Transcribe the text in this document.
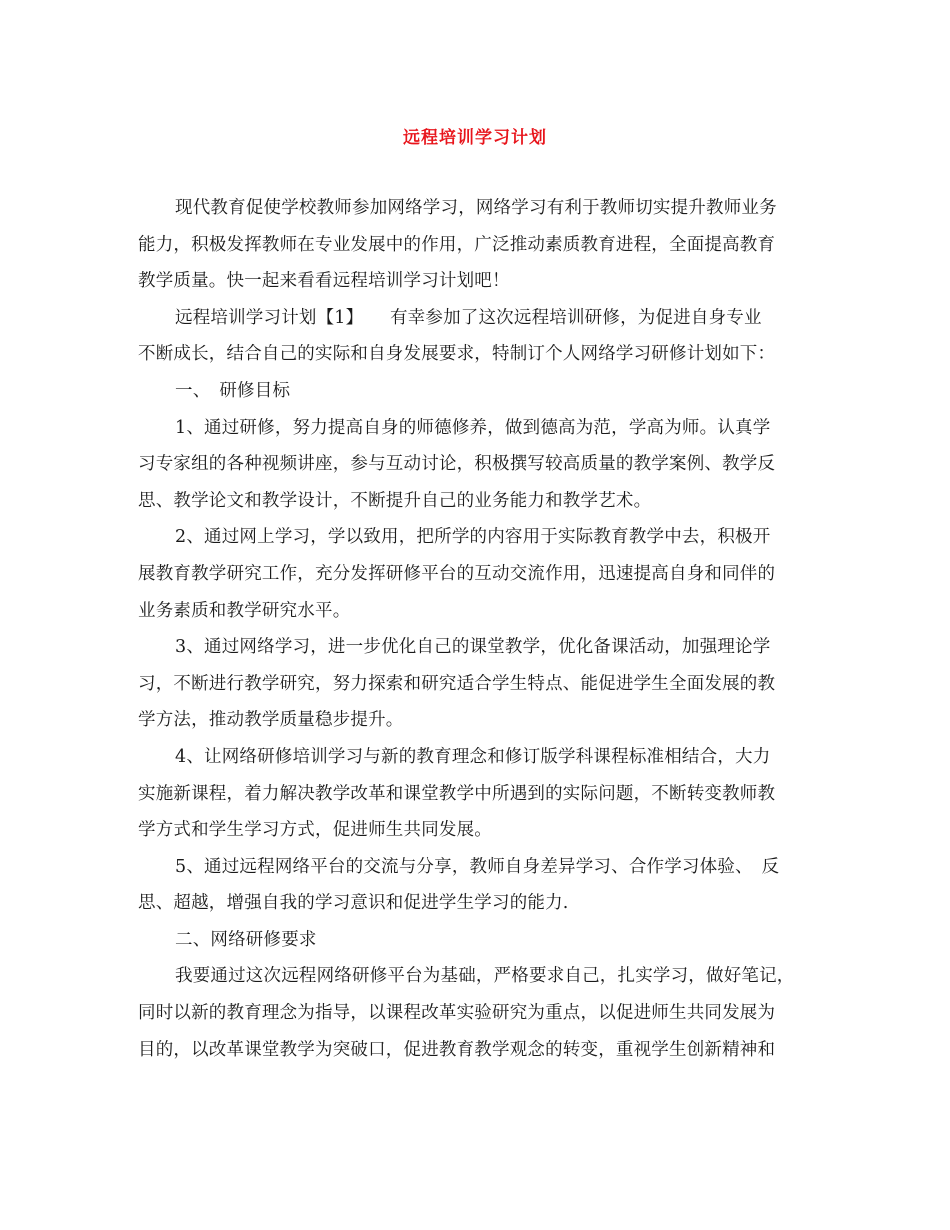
远程培训学习计划
现代教育促使学校教师参加网络学习，网络学习有利于教师切实提升教师业务
能力，积极发挥教师在专业发展中的作用，广泛推动素质教育进程，全面提高教育
教学质量。快一起来看看远程培训学习计划吧！
远程培训学习计划【1】　　有幸参加了这次远程培训研修，为促进自身专业
不断成长，结合自己的实际和自身发展要求，特制订个人网络学习研修计划如下：
一、　研修目标
1、通过研修，努力提高自身的师德修养，做到德高为范，学高为师。认真学
习专家组的各种视频讲座，参与互动讨论，积极撰写较高质量的教学案例、教学反
思、教学论文和教学设计，不断提升自己的业务能力和教学艺术。
2、通过网上学习，学以致用，把所学的内容用于实际教育教学中去，积极开
展教育教学研究工作，充分发挥研修平台的互动交流作用，迅速提高自身和同伴的
业务素质和教学研究水平。
3、通过网络学习，进一步优化自己的课堂教学，优化备课活动，加强理论学
习，不断进行教学研究，努力探索和研究适合学生特点、能促进学生全面发展的教
学方法，推动教学质量稳步提升。
4、让网络研修培训学习与新的教育理念和修订版学科课程标准相结合，大力
实施新课程，着力解决教学改革和课堂教学中所遇到的实际问题，不断转变教师教
学方式和学生学习方式，促进师生共同发展。
5、通过远程网络平台的交流与分享，教师自身差异学习、合作学习体验、　反
思、超越，增强自我的学习意识和促进学生学习的能力.
二、网络研修要求
我要通过这次远程网络研修平台为基础，严格要求自己，扎实学习，做好笔记，
同时以新的教育理念为指导，以课程改革实验研究为重点，以促进师生共同发展为
目的，以改革课堂教学为突破口，促进教育教学观念的转变，重视学生创新精神和
